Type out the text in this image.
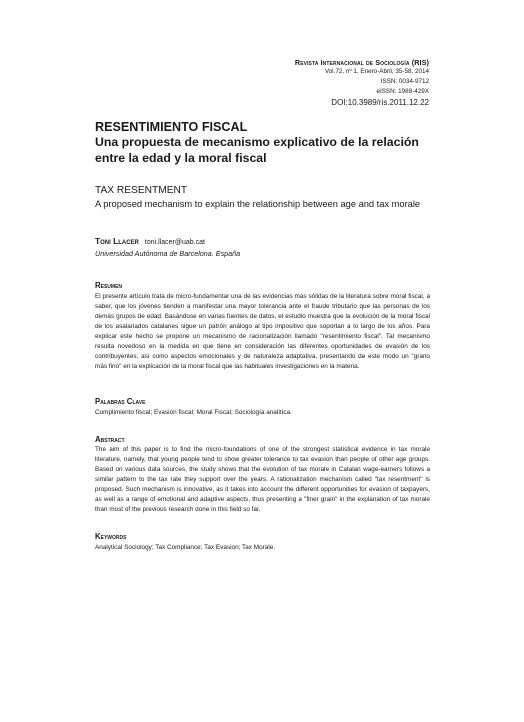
Revista Internacional de Sociología (RIS)
Vol.72, nº 1, Enero-Abril, 35-58, 2014
ISSN: 0034-9712
eISSN: 1988-429X
DOI:10.3989/ris.2011.12.22
RESENTIMIENTO FISCAL
Una propuesta de mecanismo explicativo de la relación entre la edad y la moral fiscal
TAX RESENTMENT
A proposed mechanism to explain the relationship between age and tax morale
Toni Llacer toni.llacer@uab.cat
Universidad Autónoma de Barcelona. España
Resumen
El presente artículo trata de micro-fundamentar una de las evidencias más sólidas de la literatura sobre moral fiscal, a saber, que los jóvenes tienden a manifestar una mayor tolerancia ante el fraude tributario que las personas de los demás grupos de edad. Basándose en varias fuentes de datos, el estudio muestra que la evolución de la moral fiscal de los asalariados catalanes sigue un patrón análogo al tipo impositivo que soportan a lo largo de los años. Para explicar este hecho se propone un mecanismo de racionalización llamado "resentimiento fiscal". Tal mecanismo resulta novedoso en la medida en que tiene en consideración las diferentes oportunidades de evasión de los contribuyentes, así como aspectos emocionales y de naturaleza adaptativa, presentando de este modo un "grano más fino" en la explicación de la moral fiscal que las habituales investigaciones en la materia.
Palabras Clave
Cumplimiento fiscal; Evasión fiscal; Moral Fiscal; Sociología analítica.
Abstract
The aim of this paper is to find the micro-foundations of one of the strongest statistical evidence in tax morale literature, namely, that young people tend to show greater tolerance to tax evasion than people of other age groups. Based on various data sources, the study shows that the evolution of tax morale in Catalan wage-earners follows a similar pattern to the tax rate they support over the years. A rationalization mechanism called "tax resentment" is proposed. Such mechanism is innovative, as it takes into account the different opportunities for evasion of taxpayers, as well as a range of emotional and adaptive aspects, thus presenting a "finer grain" in the explanation of tax morale than most of the previous research done in this field so far.
Keywords
Analytical Sociology; Tax Compliance; Tax Evasion; Tax Morale.
